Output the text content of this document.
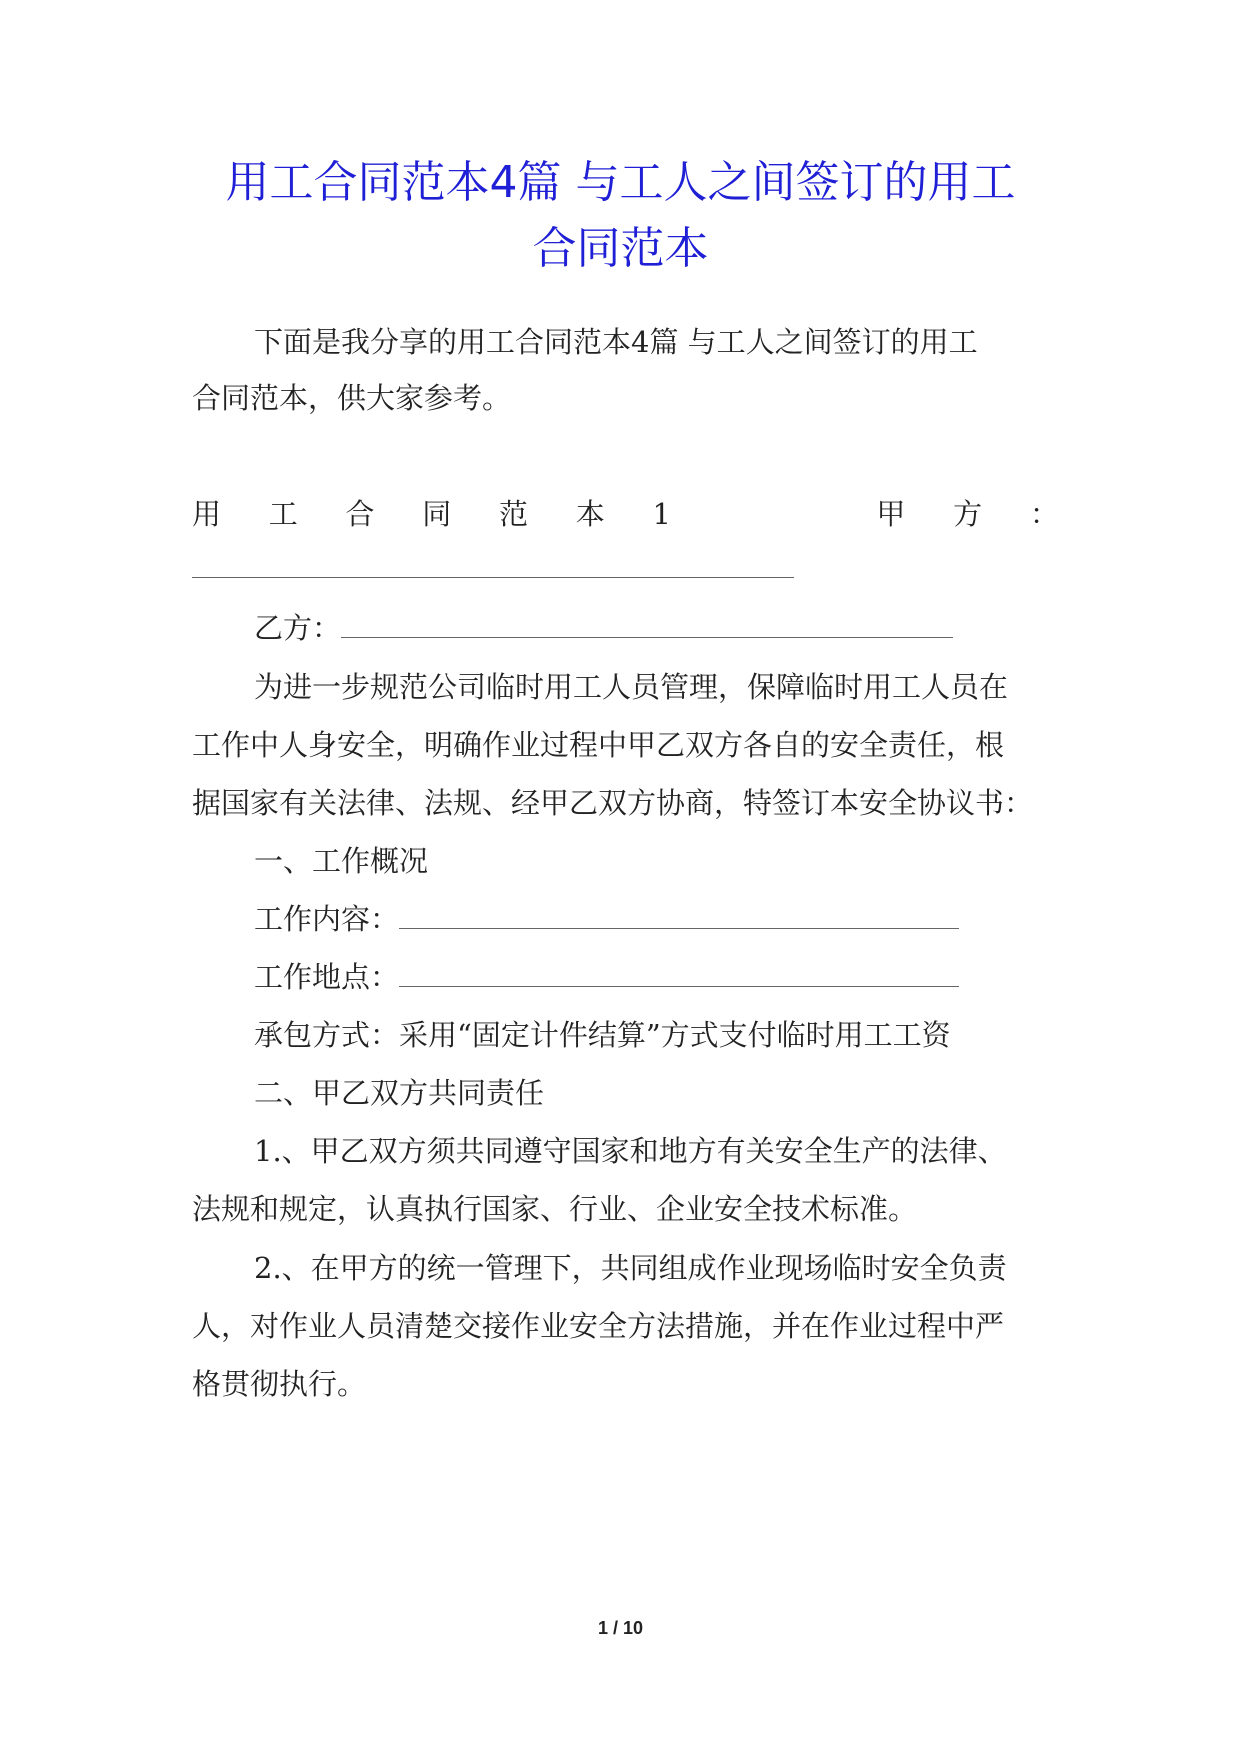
用工合同范本4篇 与工人之间签订的用工
合同范本

下面是我分享的用工合同范本4篇 与工人之间签订的用工

合同范本，供大家参考。

用 工 合 同 范 本 1	甲 方 ：
乙方：

为进一步规范公司临时用工人员管理，保障临时用工人员在

工作中人身安全，明确作业过程中甲乙双方各自的安全责任，根

据国家有关法律、法规、经甲乙双方协商，特签订本安全协议书：

一、工作概况

工作内容：
工作地点：

承包方式：采用“固定计件结算”方式支付临时用工工资

二、甲乙双方共同责任

1.、甲乙双方须共同遵守国家和地方有关安全生产的法律、

法规和规定，认真执行国家、行业、企业安全技术标准。

2.、在甲方的统一管理下，共同组成作业现场临时安全负责

人，对作业人员清楚交接作业安全方法措施，并在作业过程中严

格贯彻执行。

1 / 10
